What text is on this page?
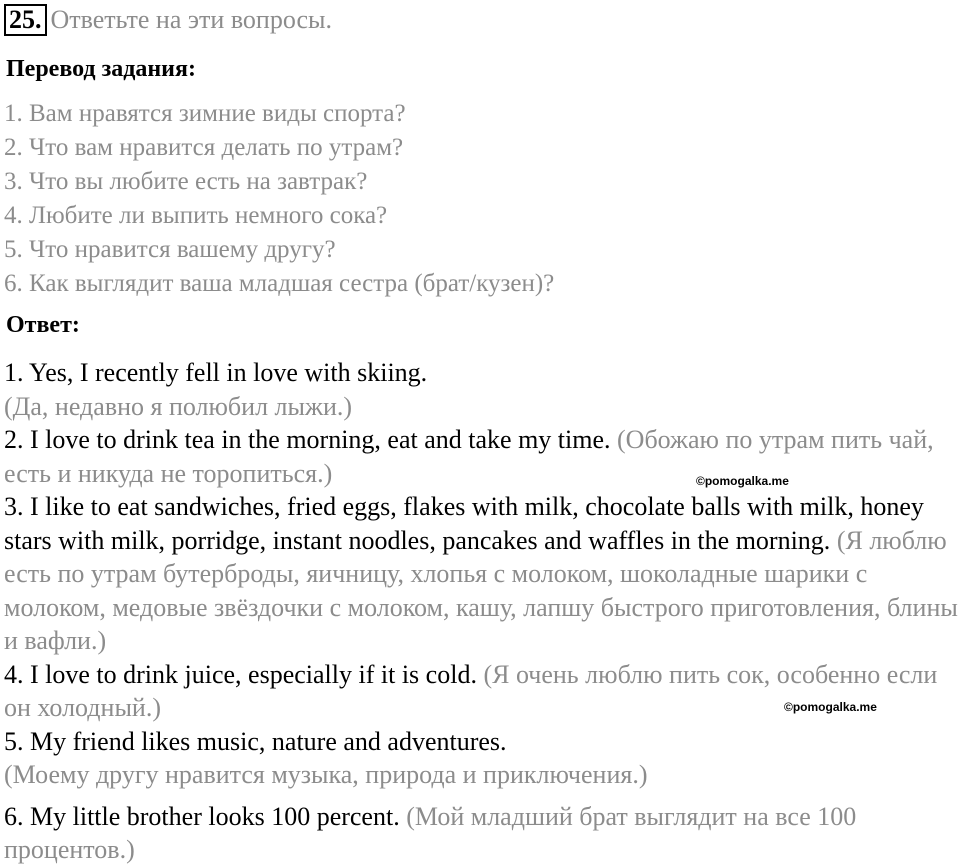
25. Ответьте на эти вопросы.
Перевод задания:
1. Вам нравятся зимние виды спорта?
2. Что вам нравится делать по утрам?
3. Что вы любите есть на завтрак?
4. Любите ли выпить немного сока?
5. Что нравится вашему другу?
6. Как выглядит ваша младшая сестра (брат/кузен)?
Ответ:
1. Yes, I recently fell in love with skiing.
(Да, недавно я полюбил лыжи.)
2. I love to drink tea in the morning, eat and take my time. (Обожаю по утрам пить чай, есть и никуда не торопиться.)
3. I like to eat sandwiches, fried eggs, flakes with milk, chocolate balls with milk, honey stars with milk, porridge, instant noodles, pancakes and waffles in the morning. (Я люблю есть по утрам бутерброды, яичницу, хлопья с молоком, шоколадные шарики с молоком, медовые звёздочки с молоком, кашу, лапшу быстрого приготовления, блины и вафли.)
4. I love to drink juice, especially if it is cold. (Я очень люблю пить сок, особенно если он холодный.)
5. My friend likes music, nature and adventures.
(Моему другу нравится музыка, природа и приключения.)
6. My little brother looks 100 percent. (Мой младший брат выглядит на все 100 процентов.)
©pomogalka.me
©pomogalka.me
